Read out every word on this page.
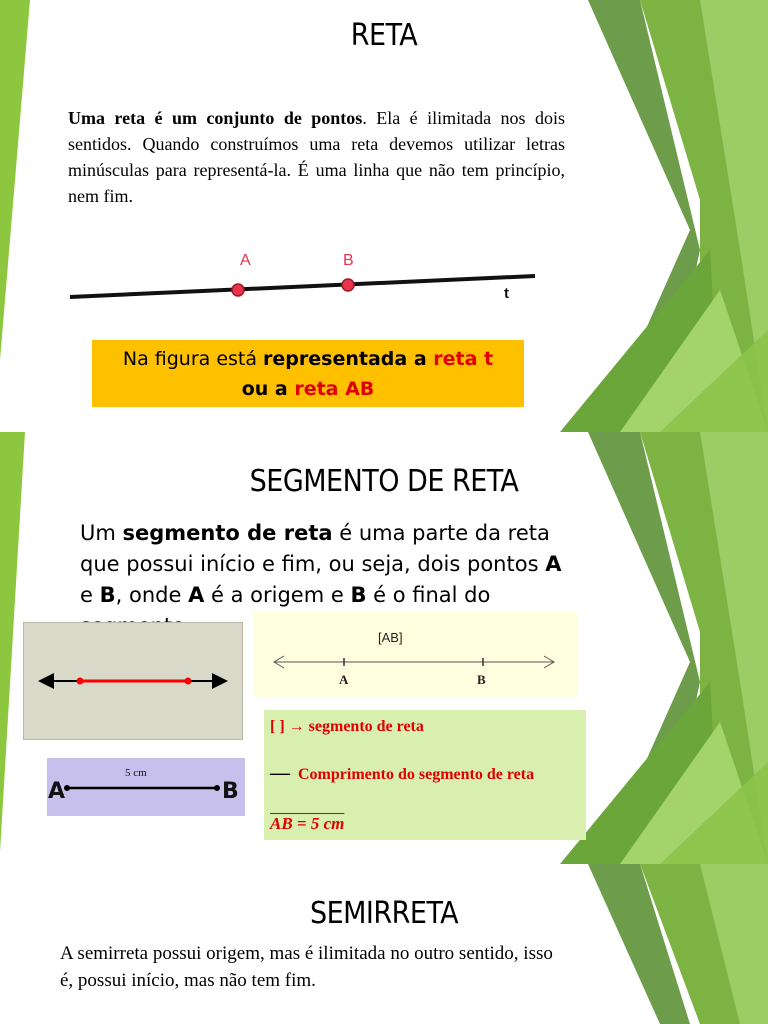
RETA
Uma reta é um conjunto de pontos. Ela é ilimitada nos dois sentidos. Quando construímos uma reta devemos utilizar letras minúsculas para representá-la. É uma linha que não tem princípio, nem fim.
A	B
t
Na figura está representada a reta t
ou a reta AB
SEGMENTO DE RETA
Um segmento de reta é uma parte da reta que possui início e fim, ou seja, dois pontos A e B, onde A é a origem e B é o final do
[AB]
A	B
[ ] → segmento de reta
— Comprimento do segmento de reta
AB = 5 cm
5 cm
A	B
SEMIRRETA
A semirreta possui origem, mas é ilimitada no outro sentido, isso é, possui início, mas não tem fim.
